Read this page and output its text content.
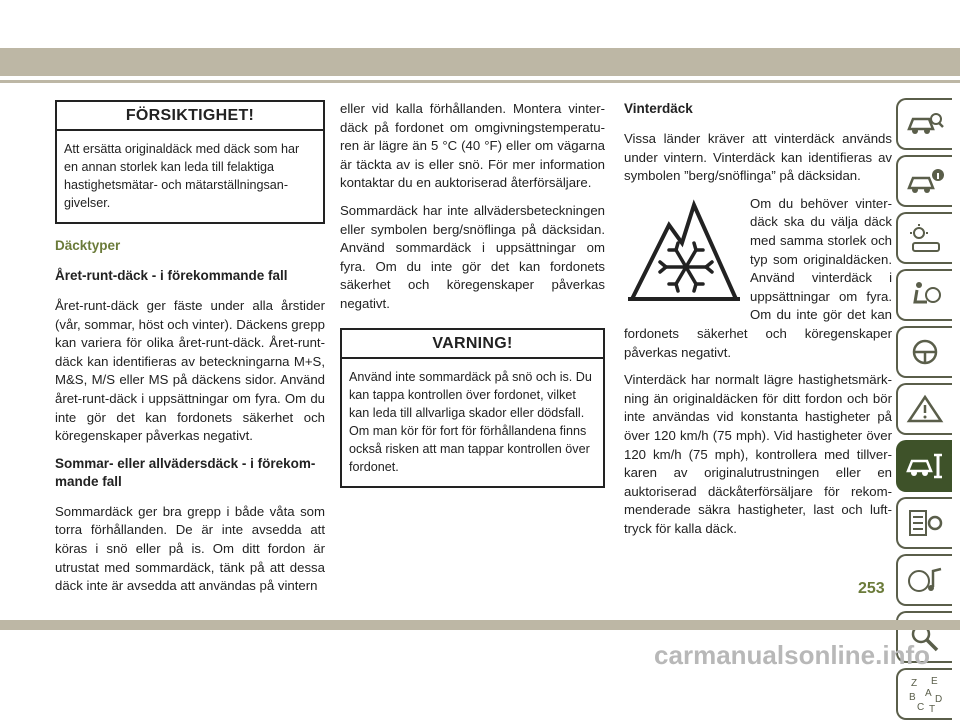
FÖRSIKTIGHET!
Att ersätta originaldäck med däck som har en annan storlek kan leda till felaktiga hastighetsmätar- och mätarställningsangivelser.
Däcktyper
Året-runt-däck - i förekommande fall

Året-runt-däck ger fäste under alla årstider (vår, sommar, höst och vinter). Däckens grepp kan variera för olika året-runt-däck. Året-runt-däck kan identifieras av beteckningarna M+S, M&S, M/S eller MS på däckens sidor. Använd året-runt-däck i uppsättningar om fyra. Om du inte gör det kan fordonets säkerhet och köregenskaper påverkas negativt.

Sommar- eller allvädersdäck - i förekommande fall

Sommardäck ger bra grepp i både våta som torra förhållanden. De är inte avsedda att köras i snö eller på is. Om ditt fordon är utrustat med sommardäck, tänk på att dessa däck inte är avsedda att användas på vintern

eller vid kalla förhållanden. Montera vinterdäck på fordonet om omgivningstemperaturen är lägre än 5 °C (40 °F) eller om vägarna är täckta av is eller snö. För mer information kontaktar du en auktoriserad återförsäljare.

Sommardäck har inte allvädersbeteckningen eller symbolen berg/snöflinga på däcksidan. Använd sommardäck i uppsättningar om fyra. Om du inte gör det kan fordonets säkerhet och köregenskaper påverkas negativt.

VARNING!
Använd inte sommardäck på snö och is. Du kan tappa kontrollen över fordonet, vilket kan leda till allvarliga skador eller dödsfall. Om man kör för fort för förhållandena finns också risken att man tappar kontrollen över fordonet.
Vinterdäck

Vissa länder kräver att vinterdäck används under vintern. Vinterdäck kan identifieras av symbolen ”berg/snöflinga” på däcksidan.

Om du behöver vinterdäck ska du välja däck med samma storlek och typ som originaldäcken. Använd vinterdäck i uppsättningar om fyra. Om du inte gör det kan fordonets säkerhet och köregenskaper påverkas negativt.

Vinterdäck har normalt lägre hastighetsmärkning än originaldäcken för ditt fordon och bör inte användas vid konstanta hastigheter på över 120 km/h (75 mph). Vid hastigheter över 120 km/h (75 mph), kontrollera med tillverkaren av originalutrustningen eller en auktoriserad däckåterförsäljare för rekommenderade säkra hastigheter, last och lufttryck för kalla däck.

Z E
B A
D
C T
253
carmanualsonline.info
